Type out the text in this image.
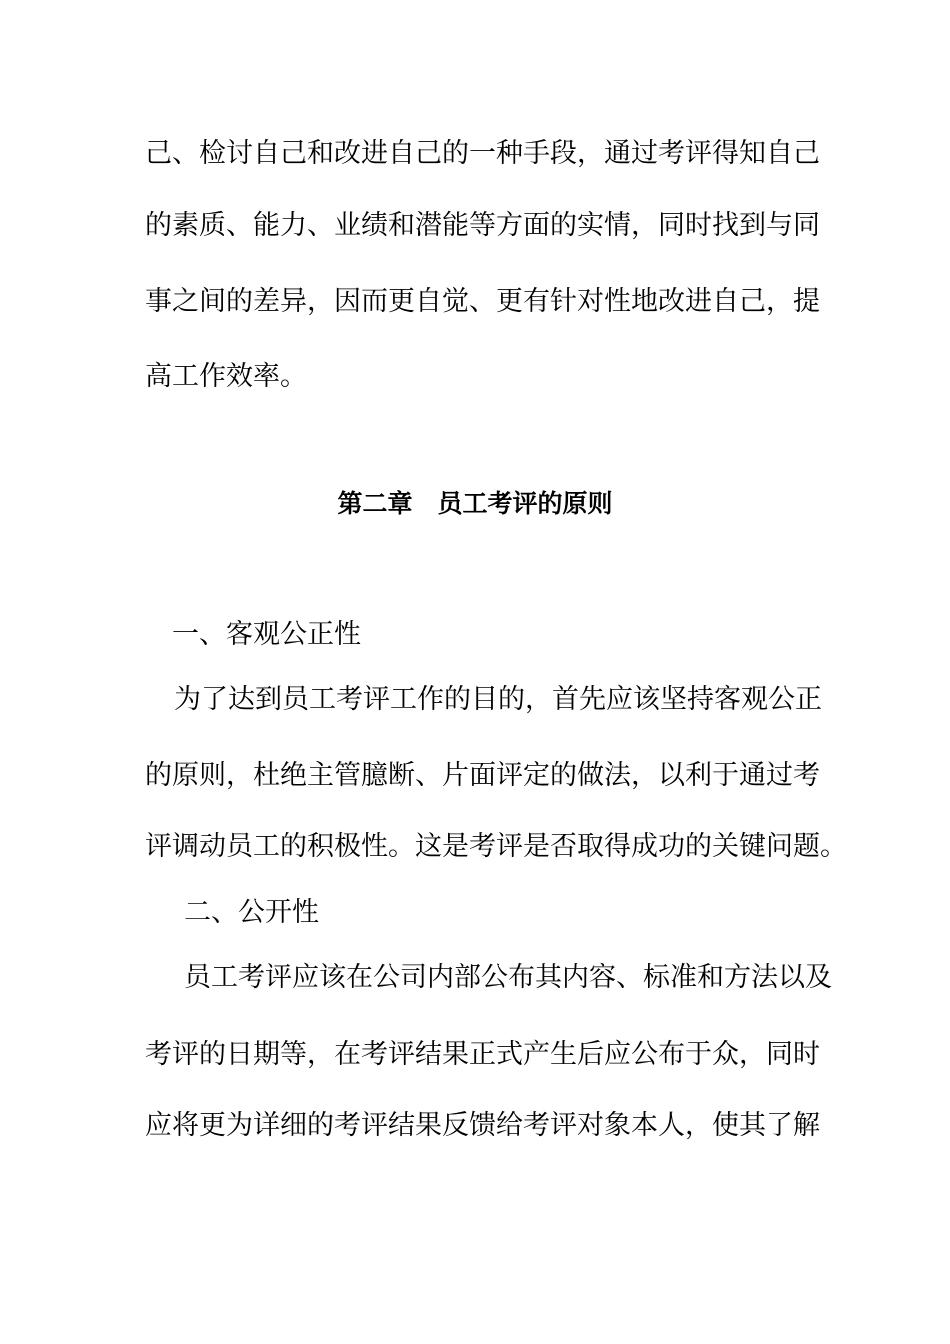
己、检讨自己和改进自己的一种手段，通过考评得知自己
的素质、能力、业绩和潜能等方面的实情，同时找到与同
事之间的差异，因而更自觉、更有针对性地改进自己，提
高工作效率。
第二章　员工考评的原则
一、客观公正性
为了达到员工考评工作的目的，首先应该坚持客观公正
的原则，杜绝主管臆断、片面评定的做法，以利于通过考
评调动员工的积极性。这是考评是否取得成功的关键问题。
二、公开性
员工考评应该在公司内部公布其内容、标准和方法以及
考评的日期等，在考评结果正式产生后应公布于众，同时
应将更为详细的考评结果反馈给考评对象本人，使其了解
